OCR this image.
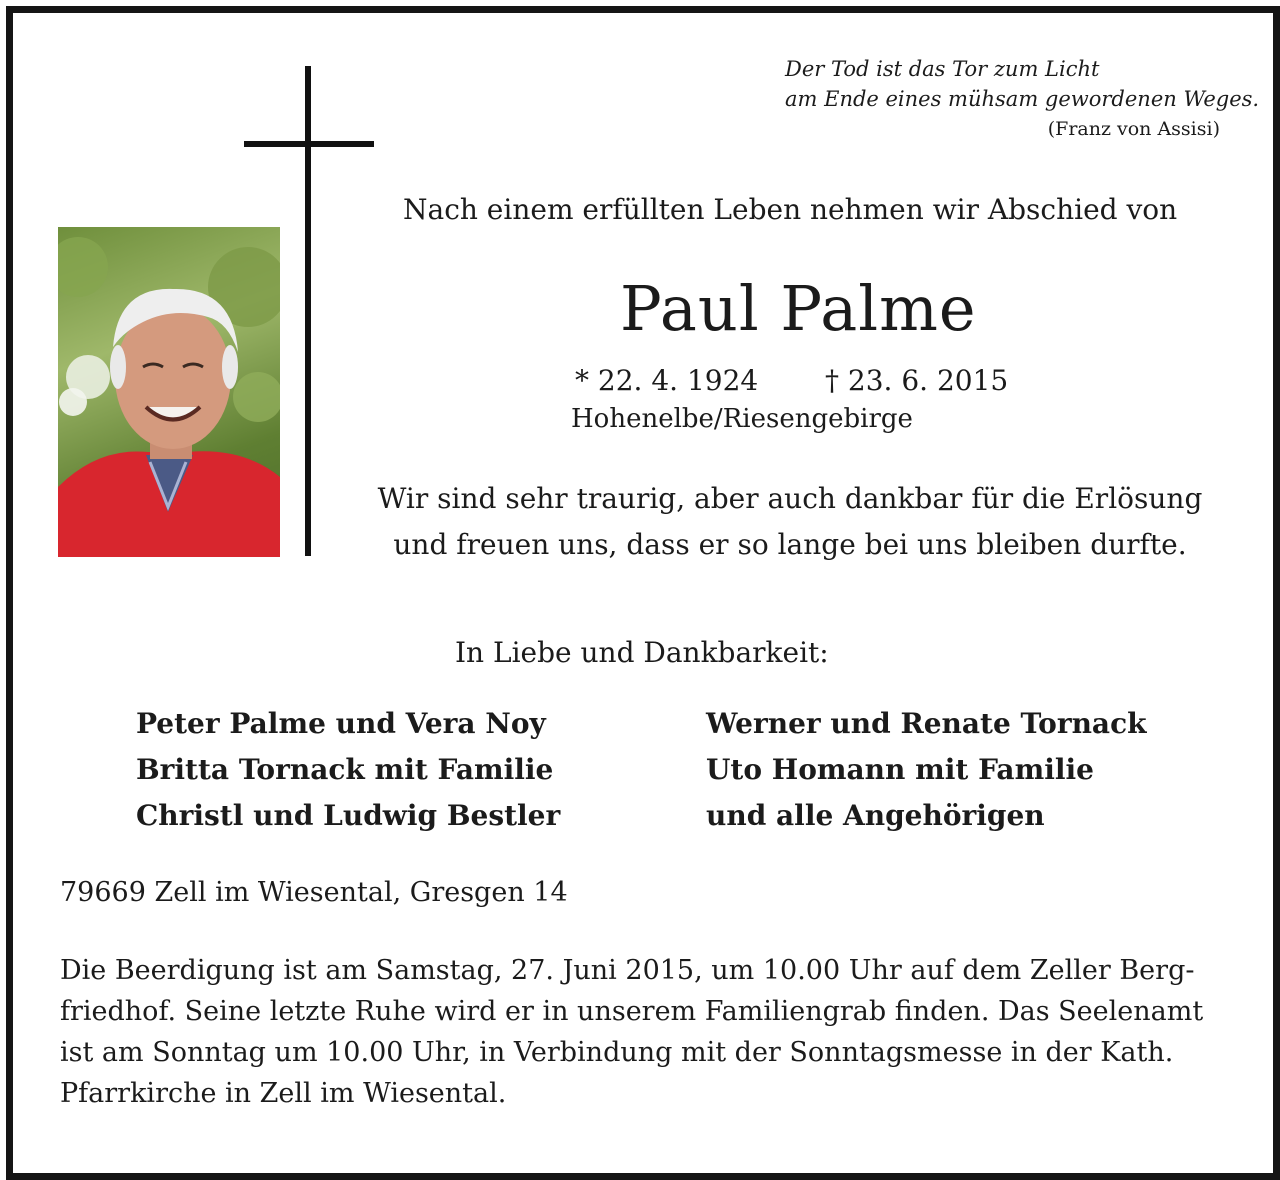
Der Tod ist das Tor zum Licht
am Ende eines mühsam gewordenen Weges.
(Franz von Assisi)
Nach einem erfüllten Leben nehmen wir Abschied von
Paul Palme
* 22. 4. 1924 † 23. 6. 2015
Hohenelbe/Riesengebirge
Wir sind sehr traurig, aber auch dankbar für die Erlösung
und freuen uns, dass er so lange bei uns bleiben durfte.
In Liebe und Dankbarkeit:
Peter Palme und Vera Noy
Britta Tornack mit Familie
Christl und Ludwig Bestler
Werner und Renate Tornack
Uto Homann mit Familie
und alle Angehörigen
79669 Zell im Wiesental, Gresgen 14
Die Beerdigung ist am Samstag, 27. Juni 2015, um 10.00 Uhr auf dem Zeller Berg-
friedhof. Seine letzte Ruhe wird er in unserem Familiengrab finden. Das Seelenamt
ist am Sonntag um 10.00 Uhr, in Verbindung mit der Sonntagsmesse in der Kath.
Pfarrkirche in Zell im Wiesental.
